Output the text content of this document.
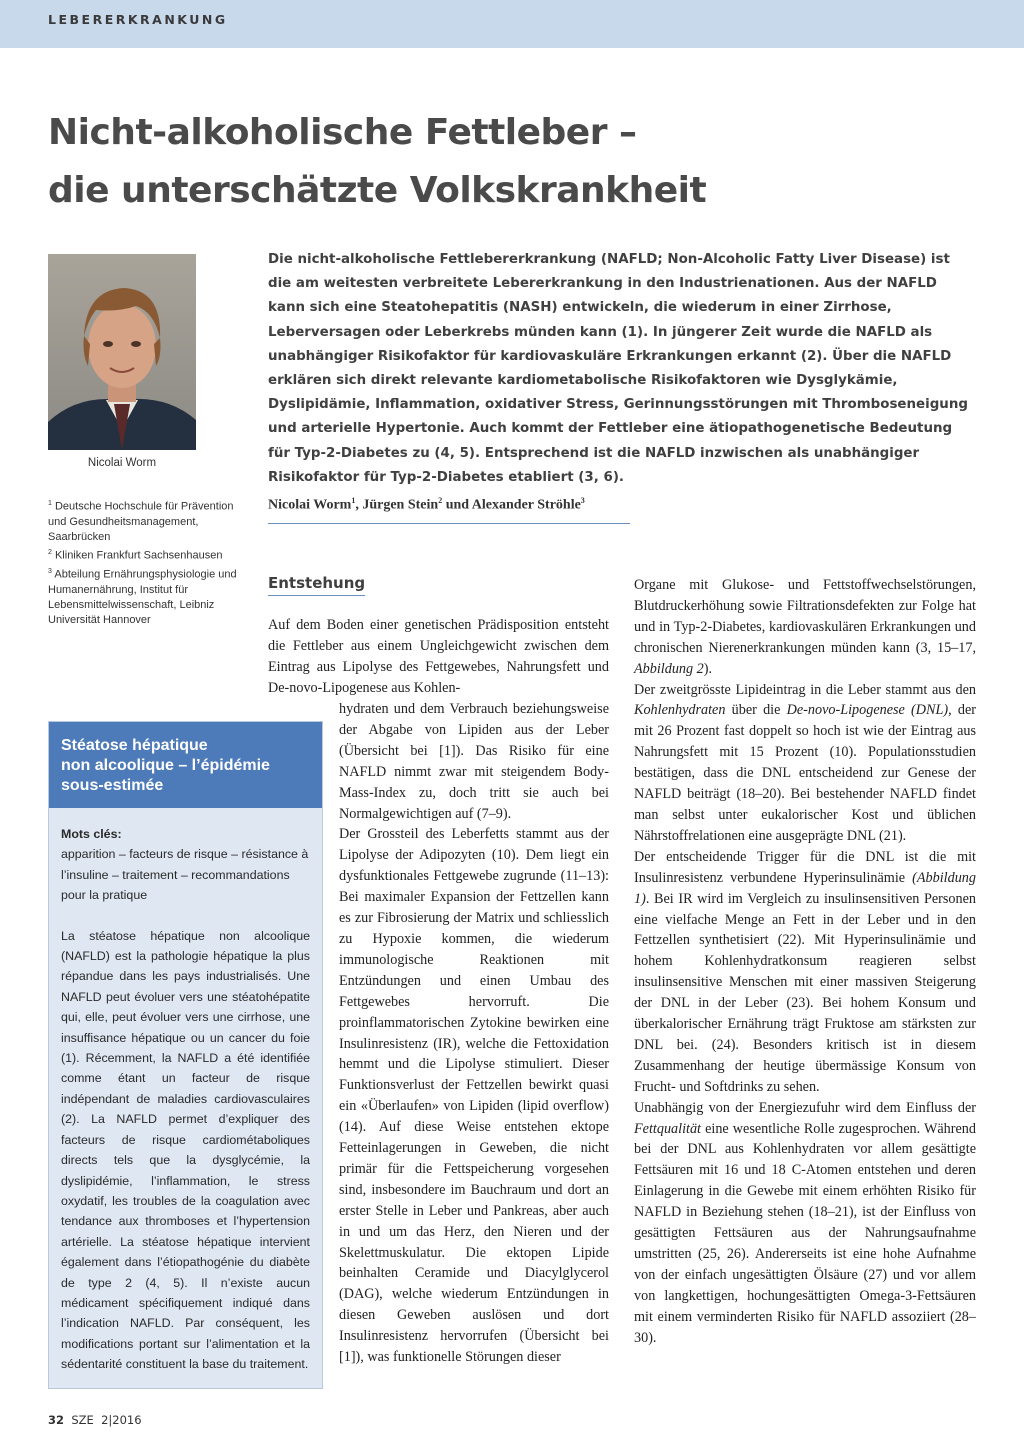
LEBERERKRANKUNG
Nicht-alkoholische Fettleber –
die unterschätzte Volkskrankheit
Nicolai Worm

$^1$ Deutsche Hochschule für Prävention und Gesundheitsmanagement, Saarbrücken

$^2$ Kliniken Frankfurt Sachsenhausen

$^3$ Abteilung Ernährungsphysiologie und Humanernährung, Institut für Lebensmittelwissenschaft, Leibniz Universität Hannover

Die nicht-alkoholische Fettlebererkrankung (NAFLD; Non-Alcoholic Fatty Liver Disease) ist die am weitesten verbreitete Lebererkrankung in den Industrienationen. Aus der NAFLD kann sich eine Steatohepatitis (NASH) entwickeln, die wiederum in einer Zirrhose, Leberversagen oder Leberkrebs münden kann (1). In jüngerer Zeit wurde die NAFLD als unabhängiger Risikofaktor für kardiovaskuläre Erkrankungen erkannt (2). Über die NAFLD erklären sich direkt relevante kardiometabolische Risikofaktoren wie Dysglykämie, Dyslipidämie, Inflammation, oxidativer Stress, Gerinnungsstörungen mit Thromboseneigung und arterielle Hypertonie. Auch kommt der Fettleber eine ätiopathogenetische Bedeutung für Typ-2-Diabetes zu (4, 5). Entsprechend ist die NAFLD inzwischen als unabhängiger Risikofaktor für Typ-2-Diabetes etabliert (3, 6).
Nicolai Worm$^1$, Jürgen Stein$^2$ und Alexander Ströhle$^3$
Entstehung

Auf dem Boden einer genetischen Prädisposition entsteht die Fettleber aus einem Ungleichgewicht zwischen dem Eintrag aus Lipolyse des Fettgewebes, Nahrungsfett und De-novo-Lipogenese aus Kohlen-

hydraten und dem Verbrauch beziehungsweise der Abgabe von Lipiden aus der Leber (Übersicht bei [1]). Das Risiko für eine NAFLD nimmt zwar mit steigendem Body-Mass-Index zu, doch tritt sie auch bei Normalgewichtigen auf (7–9).

Der Grossteil des Leberfetts stammt aus der Lipolyse der Adipozyten (10). Dem liegt ein dysfunktionales Fettgewebe zugrunde (11–13): Bei maximaler Expansion der Fettzellen kann es zur Fibrosierung der Matrix und schliesslich zu Hypoxie kommen, die wiederum immunologische Reaktionen mit Entzündungen und einen Umbau des Fettgewebes hervorruft. Die proinflammatorischen Zytokine bewirken eine Insulinresistenz (IR), welche die Fettoxidation hemmt und die Lipolyse stimuliert. Dieser Funktionsverlust der Fettzellen bewirkt quasi ein «Überlaufen» von Lipiden (lipid overflow) (14). Auf diese Weise entstehen ektope Fetteinlagerungen in Geweben, die nicht primär für die Fettspeicherung vorgesehen sind, insbesondere im Bauchraum und dort an erster Stelle in Leber und Pankreas, aber auch in und um das Herz, den Nieren und der Skelettmuskulatur. Die ektopen Lipide beinhalten Ceramide und Diacylglycerol (DAG), welche wiederum Entzündungen in diesen Geweben auslösen und dort Insulinresistenz hervorrufen (Übersicht bei [1]), was funktionelle Störungen dieser

Organe mit Glukose- und Fettstoffwechselstörungen, Blutdruckerhöhung sowie Filtrationsdefekten zur Folge hat und in Typ-2-Diabetes, kardiovaskulären Erkrankungen und chronischen Nierenerkrankungen münden kann (3, 15–17, Abbildung 2).

Der zweitgrösste Lipideintrag in die Leber stammt aus den Kohlenhydraten über die De-novo-Lipogenese (DNL), der mit 26 Prozent fast doppelt so hoch ist wie der Eintrag aus Nahrungsfett mit 15 Prozent (10). Populationsstudien bestätigen, dass die DNL entscheidend zur Genese der NAFLD beiträgt (18–20). Bei bestehender NAFLD findet man selbst unter eukalorischer Kost und üblichen Nährstoffrelationen eine ausgeprägte DNL (21).

Der entscheidende Trigger für die DNL ist die mit Insulinresistenz verbundene Hyperinsulinämie (Abbildung 1). Bei IR wird im Vergleich zu insulinsensitiven Personen eine vielfache Menge an Fett in der Leber und in den Fettzellen synthetisiert (22). Mit Hyperinsulinämie und hohem Kohlenhydratkonsum reagieren selbst insulinsensitive Menschen mit einer massiven Steigerung der DNL in der Leber (23). Bei hohem Konsum und überkalorischer Ernährung trägt Fruktose am stärksten zur DNL bei. (24). Besonders kritisch ist in diesem Zusammenhang der heutige übermässige Konsum von Frucht- und Softdrinks zu sehen.

Unabhängig von der Energiezufuhr wird dem Einfluss der Fettqualität eine wesentliche Rolle zugesprochen. Während bei der DNL aus Kohlenhydraten vor allem gesättigte Fettsäuren mit 16 und 18 C-Atomen entstehen und deren Einlagerung in die Gewebe mit einem erhöhten Risiko für NAFLD in Beziehung stehen (18–21), ist der Einfluss von gesättigten Fettsäuren aus der Nahrungsaufnahme umstritten (25, 26). Andererseits ist eine hohe Aufnahme von der einfach ungesättigten Ölsäure (27) und vor allem von langkettigen, hochungesättigten Omega-3-Fettsäuren mit einem verminderten Risiko für NAFLD assoziiert (28–30).

Stéatose hépatique
non alcoolique – l’épidémie
sous-estimée
Mots clés:

apparition – facteurs de risque – résistance à l’insuline – traitement – recommandations pour la pratique

La stéatose hépatique non alcoolique (NAFLD) est la pathologie hépatique la plus répandue dans les pays industrialisés. Une NAFLD peut évoluer vers une stéatohépatite qui, elle, peut évoluer vers une cirrhose, une insuffisance hépatique ou un cancer du foie (1). Récemment, la NAFLD a été identifiée comme étant un facteur de risque indépendant de maladies cardiovasculaires (2). La NAFLD permet d’expliquer des facteurs de risque cardiométaboliques directs tels que la dysglycémie, la dyslipidémie, l’inflammation, le stress oxydatif, les troubles de la coagulation avec tendance aux thromboses et l’hypertension artérielle. La stéatose hépatique intervient également dans l’étiopathogénie du diabète de type 2 (4, 5). Il n’existe aucun médicament spécifiquement indiqué dans l’indication NAFLD. Par conséquent, les modifications portant sur l’alimentation et la sédentarité constituent la base du traitement.

32 SZE 2|2016
